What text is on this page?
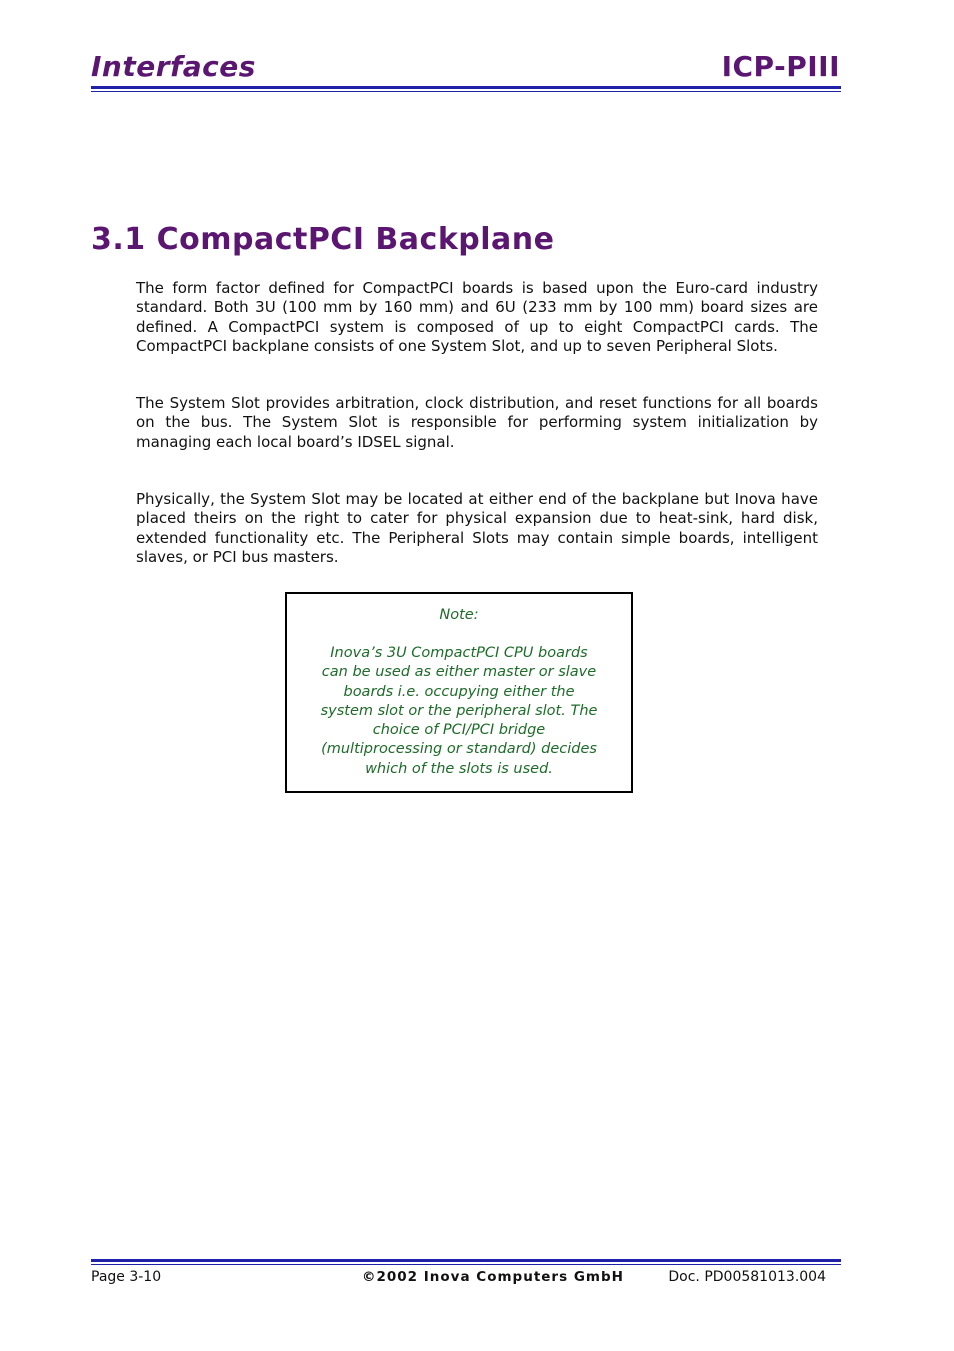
Interfaces	ICP-PIII
3.1 CompactPCI Backplane

The form factor defined for CompactPCI boards is based upon the Euro-card industry standard. Both 3U (100 mm by 160 mm) and 6U (233 mm by 100 mm) board sizes are defined. A CompactPCI system is composed of up to eight CompactPCI cards. The CompactPCI backplane consists of one System Slot, and up to seven Peripheral Slots.

The System Slot provides arbitration, clock distribution, and reset functions for all boards on the bus. The System Slot is responsible for performing system initialization by managing each local board’s IDSEL signal.

Physically, the System Slot may be located at either end of the backplane but Inova have placed theirs on the right to cater for physical expansion due to heat-sink, hard disk, extended functionality etc. The Peripheral Slots may contain simple boards, intelligent slaves, or PCI bus masters.

Note:
Inova’s 3U CompactPCI CPU boards can be used as either master or slave boards i.e. occupying either the system slot or the peripheral slot. The choice of PCI/PCI bridge (multiprocessing or standard) decides which of the slots is used.
Page 3-10	©2002 Inova Computers GmbH	Doc. PD00581013.004
